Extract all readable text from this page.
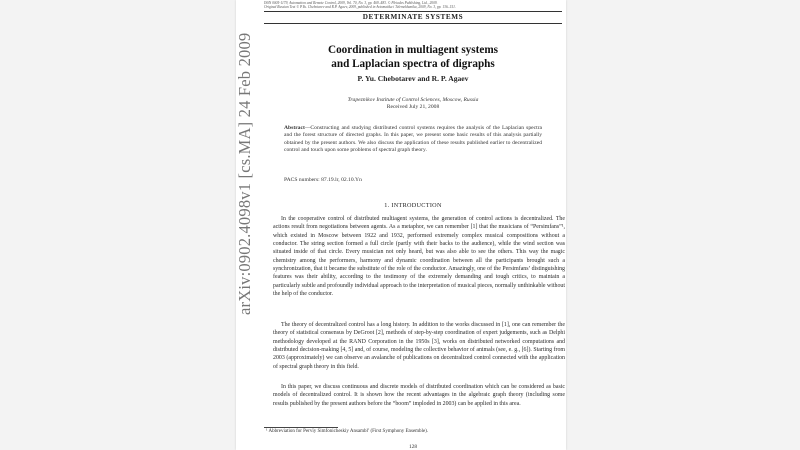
ISSN 0005-1179, Automation and Remote Control, 2009, Vol. 70, No. 3, pp. 469–483. © Pleiades Publishing, Ltd., 2009.
Original Russian Text © P.Yu. Chebotarev and R.P. Agaev, 2009, published in Avtomatika i Telemekhanika, 2009, No. 3, pp. 136–151.
DETERMINATE SYSTEMS
Coordination in multiagent systems
and Laplacian spectra of digraphs
P. Yu. Chebotarev and R. P. Agaev
Trapeznikov Institute of Control Sciences, Moscow, Russia
Received July 21, 2008
Abstract—Constructing and studying distributed control systems requires the analysis of the Laplacian spectra and the forest structure of directed graphs. In this paper, we present some basic results of this analysis partially obtained by the present authors. We also discuss the application of these results published earlier to decentralized control and touch upon some problems of spectral graph theory.
PACS numbers: 87.19.lr, 02.10.Yn
1. INTRODUCTION
In the cooperative control of distributed multiagent systems, the generation of control actions is decentralized. The actions result from negotiations between agents. As a metaphor, we can remember [1] that the musicians of “Persimfans”¹, which existed in Moscow between 1922 and 1932, performed extremely complex musical compositions without a conductor. The string section formed a full circle (partly with their backs to the audience), while the wind section was situated inside of that circle. Every musician not only heard, but was also able to see the others. This way the magic chemistry among the performers, harmony and dynamic coordination between all the participants brought such a synchronization, that it became the substitute of the role of the conductor. Amazingly, one of the Persimfans’ distinguishing features was their ability, according to the testimony of the extremely demanding and tough critics, to maintain a particularly subtle and profoundly individual approach to the interpretation of musical pieces, normally unthinkable without the help of the conductor.
The theory of decentralized control has a long history. In addition to the works discussed in [1], one can remember the theory of statistical consensus by DeGroot [2], methods of step-by-step coordination of expert judgements, such as Delphi methodology developed at the RAND Corporation in the 1950s [3], works on distributed networked computations and distributed decision-making [4, 5] and, of course, modeling the collective behavior of animals (see, e. g., [6]). Starting from 2003 (approximately) we can observe an avalanche of publications on decentralized control connected with the application of spectral graph theory in this field.
In this paper, we discuss continuous and discrete models of distributed coordination which can be considered as basic models of decentralized control. It is shown how the recent advantages in the algebraic graph theory (including some results published by the present authors before the “boom” imploded in 2003) can be applied in this area.
¹ Abbreviation for Pervïy Simfonicheskiy Ansambl’ (First Symphony Ensemble).
128
arXiv:0902.4098v1 [cs.MA] 24 Feb 2009
